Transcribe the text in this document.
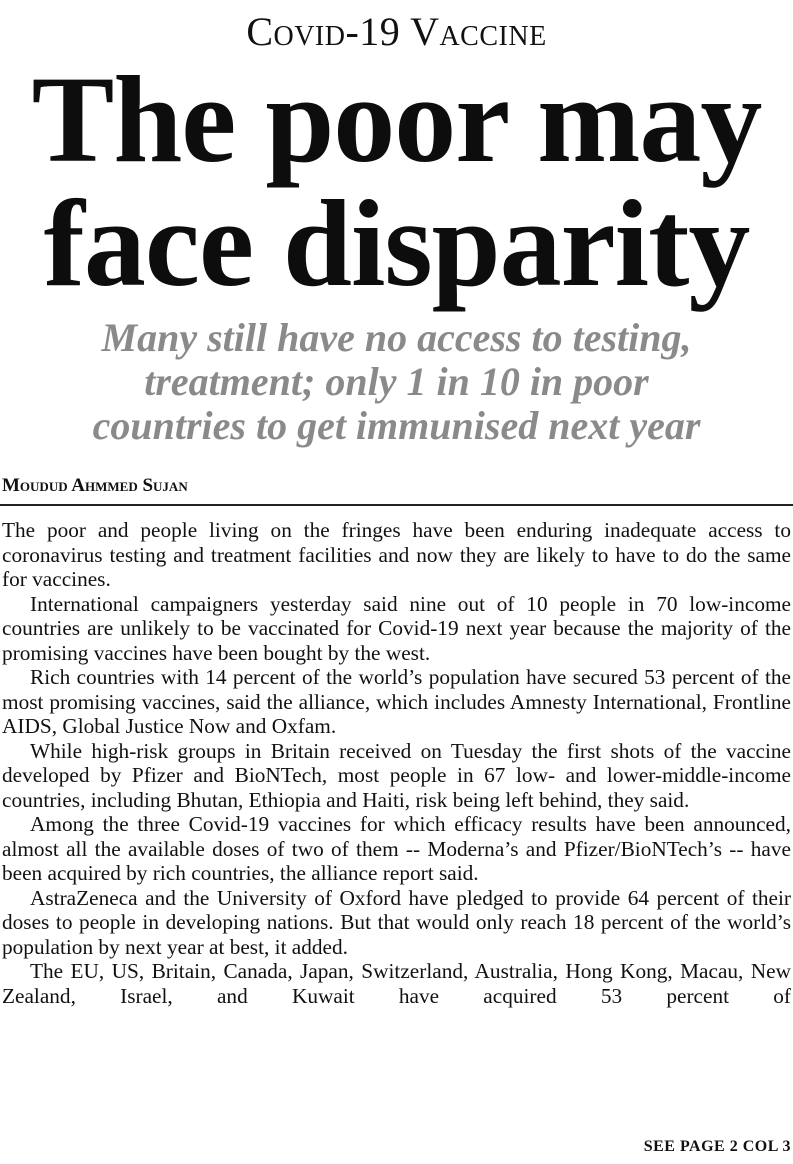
Covid-19 Vaccine
The poor may
face disparity
Many still have no access to testing,
treatment; only 1 in 10 in poor
countries to get immunised next year
Moudud Ahmmed Sujan

The poor and people living on the fringes have been enduring inadequate access to coronavirus testing and treatment facilities and now they are likely to have to do the same for vaccines.

International campaigners yesterday said nine out of 10 people in 70 low-income countries are unlikely to be vaccinated for Covid-19 next year because the majority of the promising vaccines have been bought by the west.

Rich countries with 14 percent of the world’s population have secured 53 percent of the most promising vaccines, said the alliance, which includes Amnesty International, Frontline AIDS, Global Justice Now and Oxfam.

While high-risk groups in Britain received on Tuesday the first shots of the vaccine developed by Pfizer and BioNTech, most people in 67 low- and lower-middle-income countries, including Bhutan, Ethiopia and Haiti, risk being left behind, they said.

Among the three Covid-19 vaccines for which efficacy results have been announced, almost all the available doses of two of them -- Moderna’s and Pfizer/BioNTech’s -- have been acquired by rich countries, the alliance report said.

AstraZeneca and the University of Oxford have pledged to provide 64 percent of their doses to people in developing nations. But that would only reach 18 percent of the world’s population by next year at best, it added.

The EU, US, Britain, Canada, Japan, Switzerland, Australia, Hong Kong, Macau, New Zealand, Israel, and Kuwait have acquired 53 percent of

SEE PAGE 2 COL 3
